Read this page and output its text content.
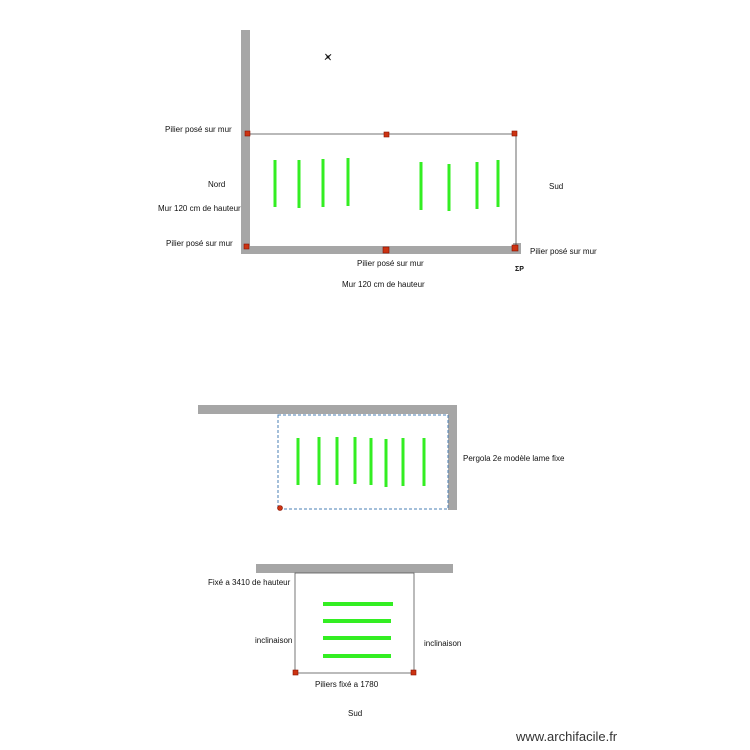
Pilier posé sur mur
Nord
Mur 120 cm de hauteur
Pilier posé sur mur
Sud
Pilier posé sur mur
Pilier posé sur mur
Mur 120 cm de hauteur
ΣΡ
Pergola 2e modèle lame fixe
Fixé a 3410 de hauteur
inclinaison	inclinaison
Piliers fixé a 1780
Sud
www.archifacile.fr
